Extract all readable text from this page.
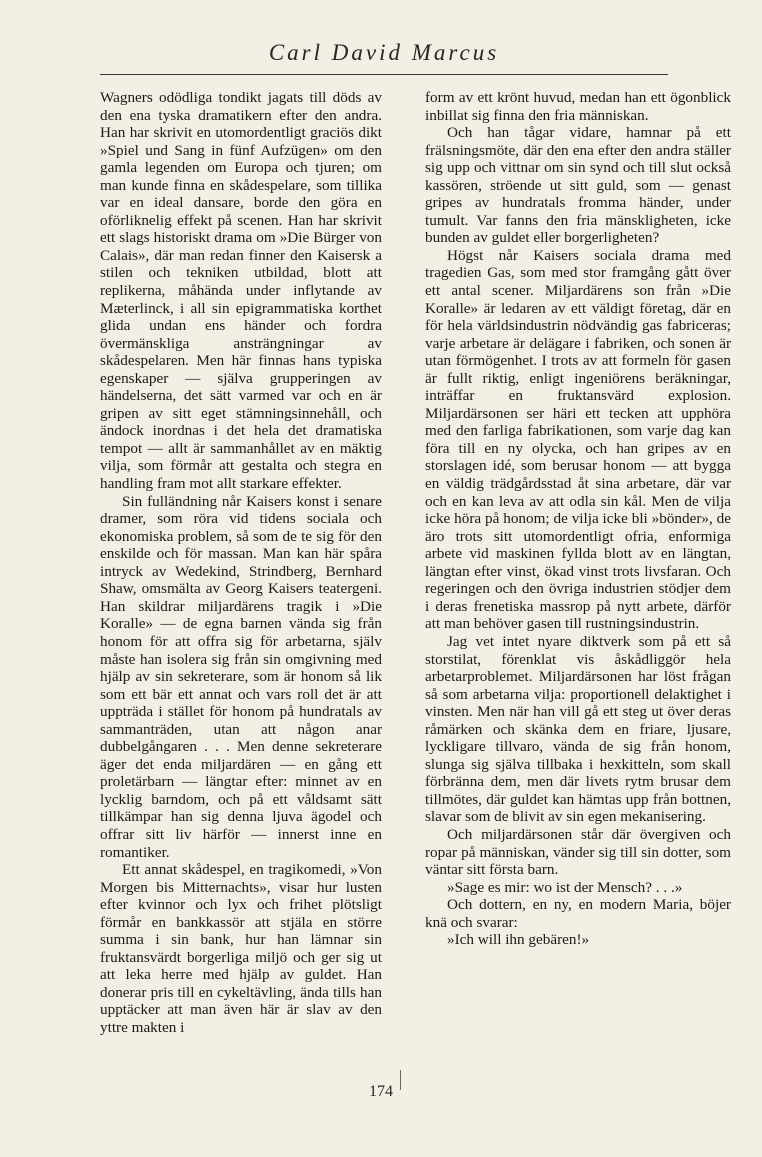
Carl David Marcus

Wagners odödliga tondikt jagats till döds av den ena tyska dramatikern efter den andra. Han har skrivit en utomordentligt graciös dikt »Spiel und Sang in fünf Aufzügen» om den gamla legenden om Europa och tjuren; om man kunde finna en skådespelare, som tillika var en ideal dansare, borde den göra en oförliknelig effekt på scenen. Han har skrivit ett slags historiskt drama om »Die Bürger von Calais», där man redan finner den Kaisersk a stilen och tekniken utbildad, blott att replikerna, måhända under inflytande av Mæterlinck, i all sin epigrammatiska korthet glida undan ens händer och fordra övermänskliga ansträngningar av skådespelaren. Men här finnas hans typiska egenskaper — själva grupperingen av händelserna, det sätt varmed var och en är gripen av sitt eget stämningsinnehåll, och ändock inordnas i det hela det dramatiska tempot — allt är sammanhållet av en mäktig vilja, som förmår att gestalta och stegra en handling fram mot allt starkare effekter.

Sin fulländning når Kaisers konst i senare dramer, som röra vid tidens sociala och ekonomiska problem, så som de te sig för den enskilde och för massan. Man kan här spåra intryck av Wedekind, Strindberg, Bernhard Shaw, omsmälta av Georg Kaisers teatergeni. Han skildrar miljardärens tragik i »Die Koralle» — de egna barnen vända sig från honom för att offra sig för arbetarna, själv måste han isolera sig från sin omgivning med hjälp av sin sekreterare, som är honom så lik som ett bär ett annat och vars roll det är att uppträda i stället för honom på hundratals av sammanträden, utan att någon anar dubbelgångaren . . . Men denne sekreterare äger det enda miljardären — en gång ett proletärbarn — längtar efter: minnet av en lycklig barndom, och på ett våldsamt sätt tillkämpar han sig denna ljuva ägodel och offrar sitt liv härför — innerst inne en romantiker.

Ett annat skådespel, en tragikomedi, »Von Morgen bis Mitternachts», visar hur lusten efter kvinnor och lyx och frihet plötsligt förmår en bankkassör att stjäla en större summa i sin bank, hur han lämnar sin fruktansvärdt borgerliga miljö och ger sig ut att leka herre med hjälp av guldet. Han donerar pris till en cykeltävling, ända tills han upptäcker att man även här är slav av den yttre makten i

form av ett krönt huvud, medan han ett ögonblick inbillat sig finna den fria människan.

Och han tågar vidare, hamnar på ett frälsningsmöte, där den ena efter den andra ställer sig upp och vittnar om sin synd och till slut också kassören, ströende ut sitt guld, som — genast gripes av hundratals fromma händer, under tumult. Var fanns den fria mänskligheten, icke bunden av guldet eller borgerligheten?

Högst når Kaisers sociala drama med tragedien Gas, som med stor framgång gått över ett antal scener. Miljardärens son från »Die Koralle» är ledaren av ett väldigt företag, där en för hela världsindustrin nödvändig gas fabriceras; varje arbetare är delägare i fabriken, och sonen är utan förmögenhet. I trots av att formeln för gasen är fullt riktig, enligt ingeniörens beräkningar, inträffar en fruktansvärd explosion. Miljardärsonen ser häri ett tecken att upphöra med den farliga fabrikationen, som varje dag kan föra till en ny olycka, och han gripes av en storslagen idé, som berusar honom — att bygga en väldig trädgårdsstad åt sina arbetare, där var och en kan leva av att odla sin kål. Men de vilja icke höra på honom; de vilja icke bli »bönder», de äro trots sitt utomordentligt ofria, enformiga arbete vid maskinen fyllda blott av en längtan, längtan efter vinst, ökad vinst trots livsfaran. Och regeringen och den övriga industrien stödjer dem i deras frenetiska massrop på nytt arbete, därför att man behöver gasen till rustningsindustrin.

Jag vet intet nyare diktverk som på ett så storstilat, förenklat vis åskådliggör hela arbetarproblemet. Miljardärsonen har löst frågan så som arbetarna vilja: proportionell delaktighet i vinsten. Men när han vill gå ett steg ut över deras råmärken och skänka dem en friare, ljusare, lyckligare tillvaro, vända de sig från honom, slunga sig själva tillbaka i hexkitteln, som skall förbränna dem, men där livets rytm brusar dem tillmötes, där guldet kan hämtas upp från bottnen, slavar som de blivit av sin egen mekanisering.

Och miljardärsonen står där övergiven och ropar på människan, vänder sig till sin dotter, som väntar sitt första barn.

»Sage es mir: wo ist der Mensch? . . .»

Och dottern, en ny, en modern Maria, böjer knä och svarar:

»Ich will ihn gebären!»

174
